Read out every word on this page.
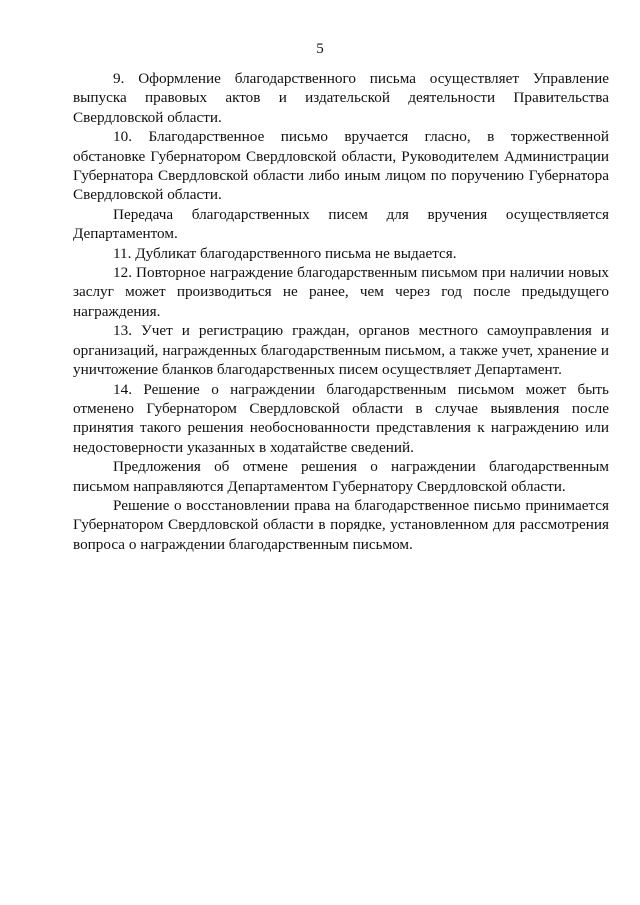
5

9. Оформление благодарственного письма осуществляет Управление выпуска правовых актов и издательской деятельности Правительства Свердловской области.

10. Благодарственное письмо вручается гласно, в торжественной обстановке Губернатором Свердловской области, Руководителем Администрации Губернатора Свердловской области либо иным лицом по поручению Губернатора Свердловской области.

Передача благодарственных писем для вручения осуществляется Департаментом.

11. Дубликат благодарственного письма не выдается.

12. Повторное награждение благодарственным письмом при наличии новых заслуг может производиться не ранее, чем через год после предыдущего награждения.

13. Учет и регистрацию граждан, органов местного самоуправления и организаций, награжденных благодарственным письмом, а также учет, хранение и уничтожение бланков благодарственных писем осуществляет Департамент.

14. Решение о награждении благодарственным письмом может быть отменено Губернатором Свердловской области в случае выявления после принятия такого решения необоснованности представления к награждению или недостоверности указанных в ходатайстве сведений.

Предложения об отмене решения о награждении благодарственным письмом направляются Департаментом Губернатору Свердловской области.

Решение о восстановлении права на благодарственное письмо принимается Губернатором Свердловской области в порядке, установленном для рассмотрения вопроса о награждении благодарственным письмом.
